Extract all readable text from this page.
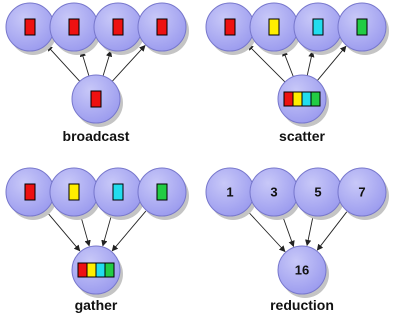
broadcast	scatter
gather
1	3	5	7
16
reduction
